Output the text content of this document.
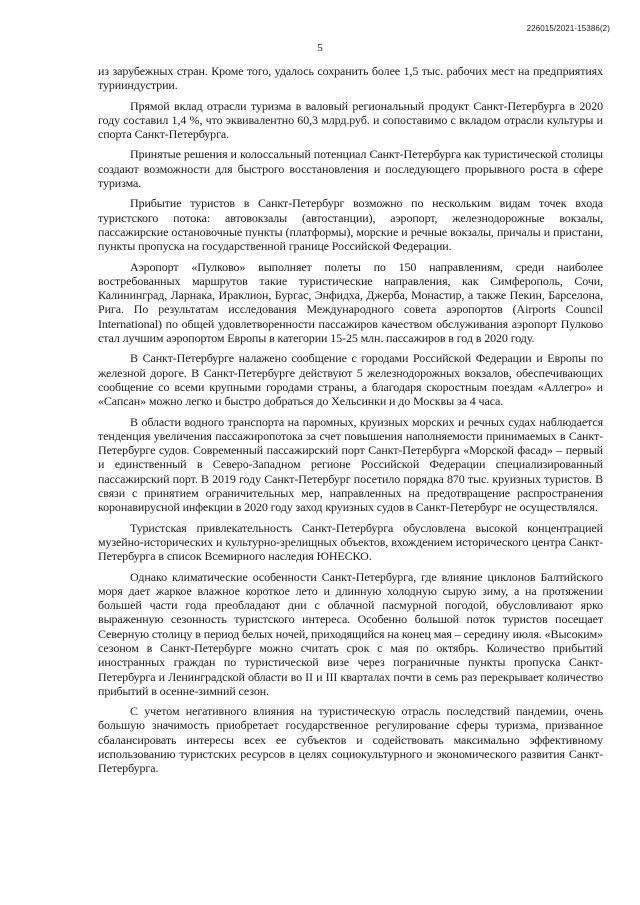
226015/2021-15386(2)
5

из зарубежных стран. Кроме того, удалось сохранить более 1,5 тыс. рабочих мест на предприятиях турииндустрии.

Прямой вклад отрасли туризма в валовый региональный продукт Санкт-Петербурга в 2020 году составил 1,4 %, что эквивалентно 60,3 млрд.руб. и сопоставимо с вкладом отрасли культуры и спорта Санкт-Петербурга.

Принятые решения и колоссальный потенциал Санкт-Петербурга как туристической столицы создают возможности для быстрого восстановления и последующего прорывного роста в сфере туризма.

Прибытие туристов в Санкт-Петербург возможно по нескольким видам точек входа туристского потока: автовокзалы (автостанции), аэропорт, железнодорожные вокзалы, пассажирские остановочные пункты (платформы), морские и речные вокзалы, причалы и пристани, пункты пропуска на государственной границе Российской Федерации.

Аэропорт «Пулково» выполняет полеты по 150 направлениям, среди наиболее востребованных маршрутов такие туристические направления, как Симферополь, Сочи, Калининград, Ларнака, Ираклион, Бургас, Энфидха, Джерба, Монастир, а также Пекин, Барселона, Рига. По результатам исследования Международного совета аэропортов (Airports Council International) по общей удовлетворенности пассажиров качеством обслуживания аэропорт Пулково стал лучшим аэропортом Европы в категории 15-25 млн. пассажиров в год в 2020 году.

В Санкт-Петербурге налажено сообщение с городами Российской Федерации и Европы по железной дороге. В Санкт-Петербурге действуют 5 железнодорожных вокзалов, обеспечивающих сообщение со всеми крупными городами страны, а благодаря скоростным поездам «Аллегро» и «Сапсан» можно легко и быстро добраться до Хельсинки и до Москвы за 4 часа.

В области водного транспорта на паромных, круизных морских и речных судах наблюдается тенденция увеличения пассажиропотока за счет повышения наполняемости принимаемых в Санкт-Петербурге судов. Современный пассажирский порт Санкт-Петербурга «Морской фасад» – первый и единственный в Северо-Западном регионе Российской Федерации специализированный пассажирский порт. В 2019 году Санкт-Петербург посетило порядка 870 тыс. круизных туристов. В связи с принятием ограничительных мер, направленных на предотвращение распространения коронавирусной инфекции в 2020 году заход круизных судов в Санкт-Петербург не осуществлялся.

Туристская привлекательность Санкт-Петербурга обусловлена высокой концентрацией музейно-исторических и культурно-зрелищных объектов, вхождением исторического центра Санкт-Петербурга в список Всемирного наследия ЮНЕСКО.

Однако климатические особенности Санкт-Петербурга, где влияние циклонов Балтийского моря дает жаркое влажное короткое лето и длинную холодную сырую зиму, а на протяжении большей части года преобладают дни с облачной пасмурной погодой, обусловливают ярко выраженную сезонность туристского интереса. Особенно большой поток туристов посещает Северную столицу в период белых ночей, приходящийся на конец мая – середину июля. «Высоким» сезоном в Санкт-Петербурге можно считать срок с мая по октябрь. Количество прибытий иностранных граждан по туристической визе через пограничные пункты пропуска Санкт-Петербурга и Ленинградской области во II и III кварталах почти в семь раз перекрывает количество прибытий в осенне-зимний сезон.

С учетом негативного влияния на туристическую отрасль последствий пандемии, очень большую значимость приобретает государственное регулирование сферы туризма, призванное сбалансировать интересы всех ее субъектов и содействовать максимально эффективному использованию туристских ресурсов в целях социокультурного и экономического развития Санкт-Петербурга.
